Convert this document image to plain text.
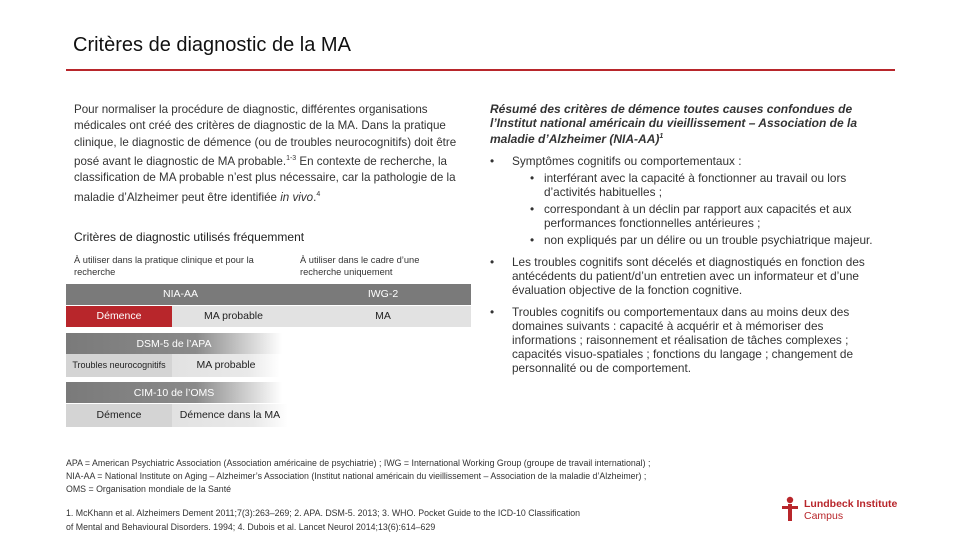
Critères de diagnostic de la MA
Pour normaliser la procédure de diagnostic, différentes organisations médicales ont créé des critères de diagnostic de la MA. Dans la pratique clinique, le diagnostic de démence (ou de troubles neurocognitifs) doit être posé avant le diagnostic de MA probable.$^{1-3}$ En contexte de recherche, la classification de MA probable n’est plus nécessaire, car la pathologie de la maladie d’Alzheimer peut être identifiée in vivo.$^4$
Critères de diagnostic utilisés fréquemment
À utiliser dans la pratique clinique et pour la recherche
À utiliser dans le cadre d’une recherche uniquement
NIA-AA	IWG-2
Démence	MA probable	MA
DSM-5 de l’APA
Troubles neurocognitifs	MA probable
CIM-10 de l’OMS
Démence	Démence dans la MA
Résumé des critères de démence toutes causes confondues de l’Institut national américain du vieillissement – Association de la maladie d’Alzheimer $(NIA-AA)^1$
• Symptômes cognitifs ou comportementaux :
• interférant avec la capacité à fonctionner au travail ou lors d’activités habituelles ;
• correspondant à un déclin par rapport aux capacités et aux performances fonctionnelles antérieures ;
• non expliqués par un délire ou un trouble psychiatrique majeur.
• Les troubles cognitifs sont décelés et diagnostiqués en fonction des antécédents du patient/d’un entretien avec un informateur et d’une évaluation objective de la fonction cognitive.
• Troubles cognitifs ou comportementaux dans au moins deux des domaines suivants : capacité à acquérir et à mémoriser des informations ; raisonnement et réalisation de tâches complexes ; capacités visuo-spatiales ; fonctions du langage ; changement de personnalité ou de comportement.
APA = American Psychiatric Association (Association américaine de psychiatrie) ; IWG = International Working Group (groupe de travail international) ;
NIA-AA = National Institute on Aging – Alzheimer’s Association (Institut national américain du vieillissement – Association de la maladie d’Alzheimer) ;
OMS = Organisation mondiale de la Santé
1. McKhann et al. Alzheimers Dement 2011;7(3):263–269; 2. APA. DSM-5. 2013; 3. WHO. Pocket Guide to the ICD-10 Classification
of Mental and Behavioural Disorders. 1994; 4. Dubois et al. Lancet Neurol 2014;13(6):614–629
Lundbeck Institute
Campus
